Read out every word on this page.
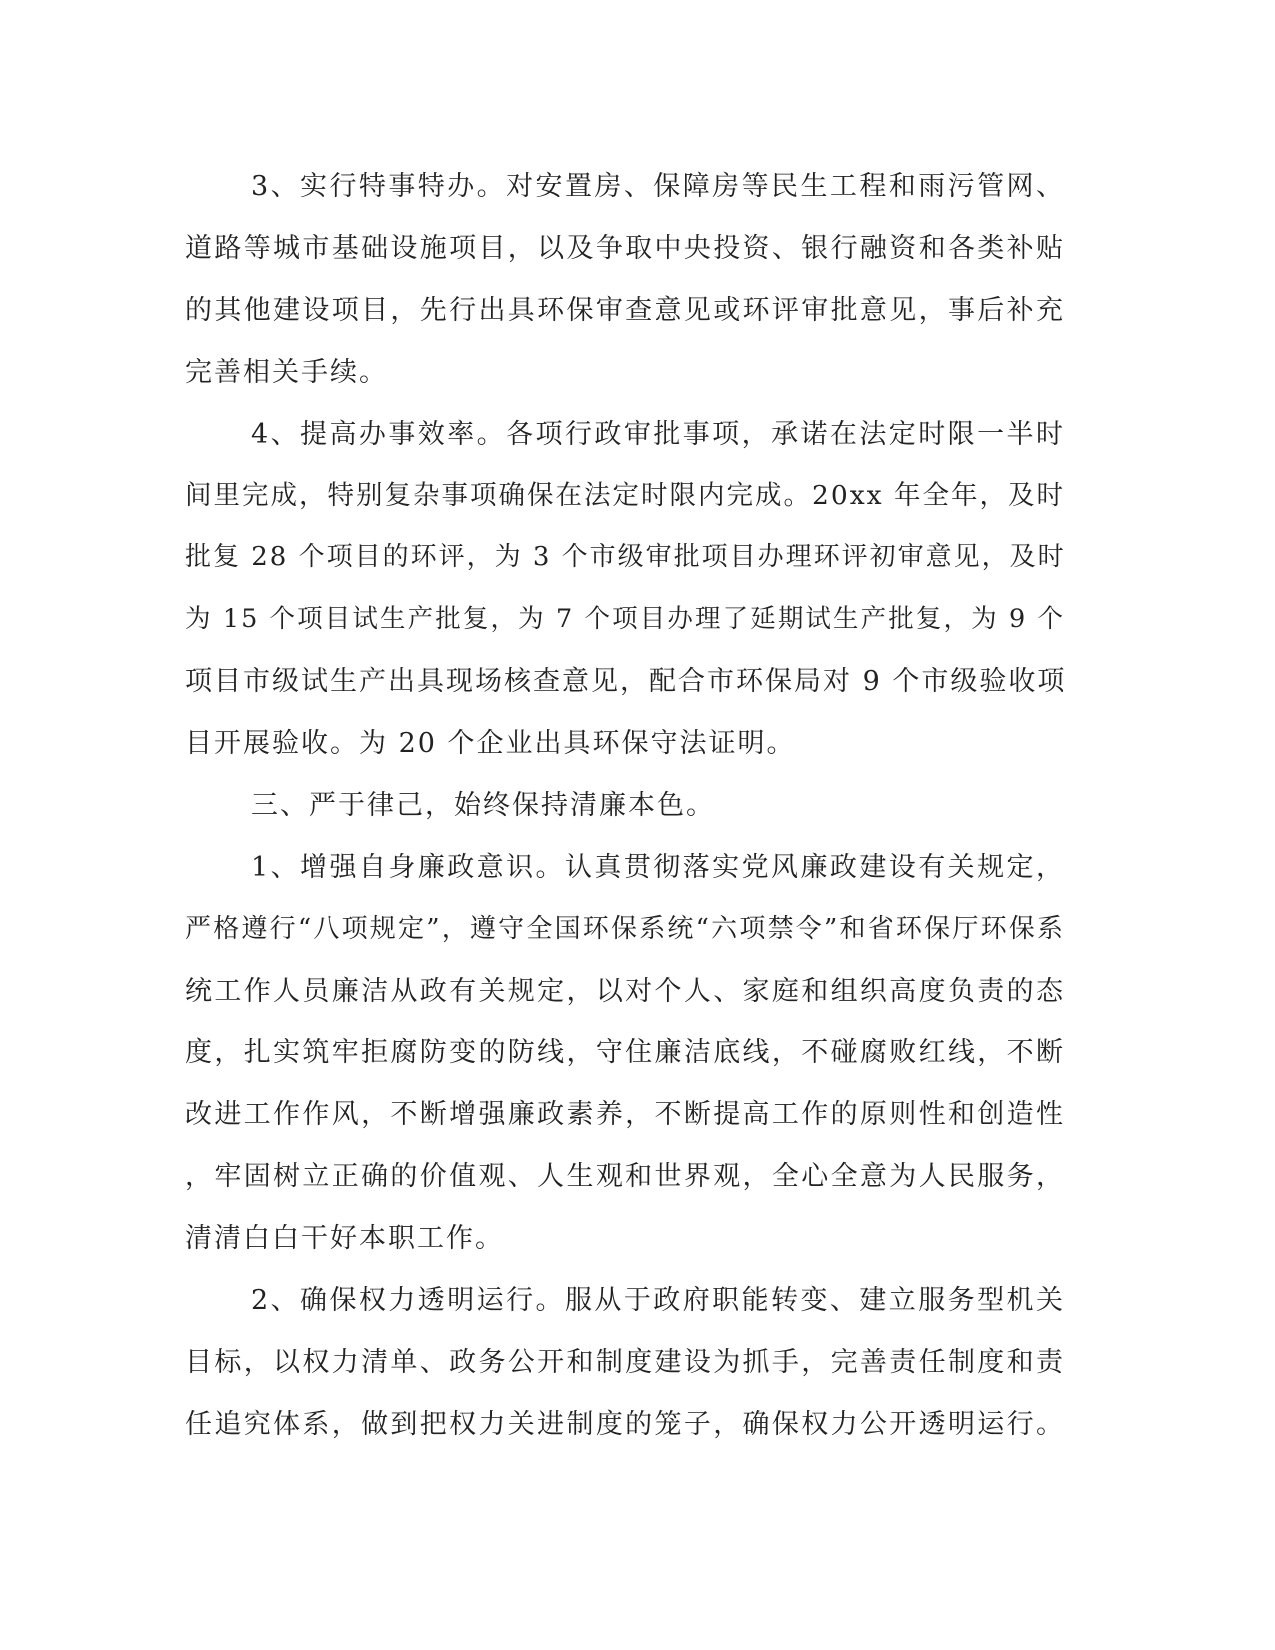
3、实行特事特办。对安置房、保障房等民生工程和雨污管网、
道路等城市基础设施项目，以及争取中央投资、银行融资和各类补贴
的其他建设项目，先行出具环保审查意见或环评审批意见，事后补充
完善相关手续。
4、提高办事效率。各项行政审批事项，承诺在法定时限一半时
间里完成，特别复杂事项确保在法定时限内完成。20xx 年全年，及时
批复 28 个项目的环评，为 3 个市级审批项目办理环评初审意见，及时
为 15 个项目试生产批复，为 7 个项目办理了延期试生产批复，为 9 个
项目市级试生产出具现场核查意见，配合市环保局对 9 个市级验收项
目开展验收。为 20 个企业出具环保守法证明。
三、严于律己，始终保持清廉本色。
1、增强自身廉政意识。认真贯彻落实党风廉政建设有关规定，
严格遵行“八项规定”，遵守全国环保系统“六项禁令”和省环保厅环保系
统工作人员廉洁从政有关规定，以对个人、家庭和组织高度负责的态
度，扎实筑牢拒腐防变的防线，守住廉洁底线，不碰腐败红线，不断
改进工作作风，不断增强廉政素养，不断提高工作的原则性和创造性
，牢固树立正确的价值观、人生观和世界观，全心全意为人民服务，
清清白白干好本职工作。
2、确保权力透明运行。服从于政府职能转变、建立服务型机关
目标，以权力清单、政务公开和制度建设为抓手，完善责任制度和责
任追究体系，做到把权力关进制度的笼子，确保权力公开透明运行。
